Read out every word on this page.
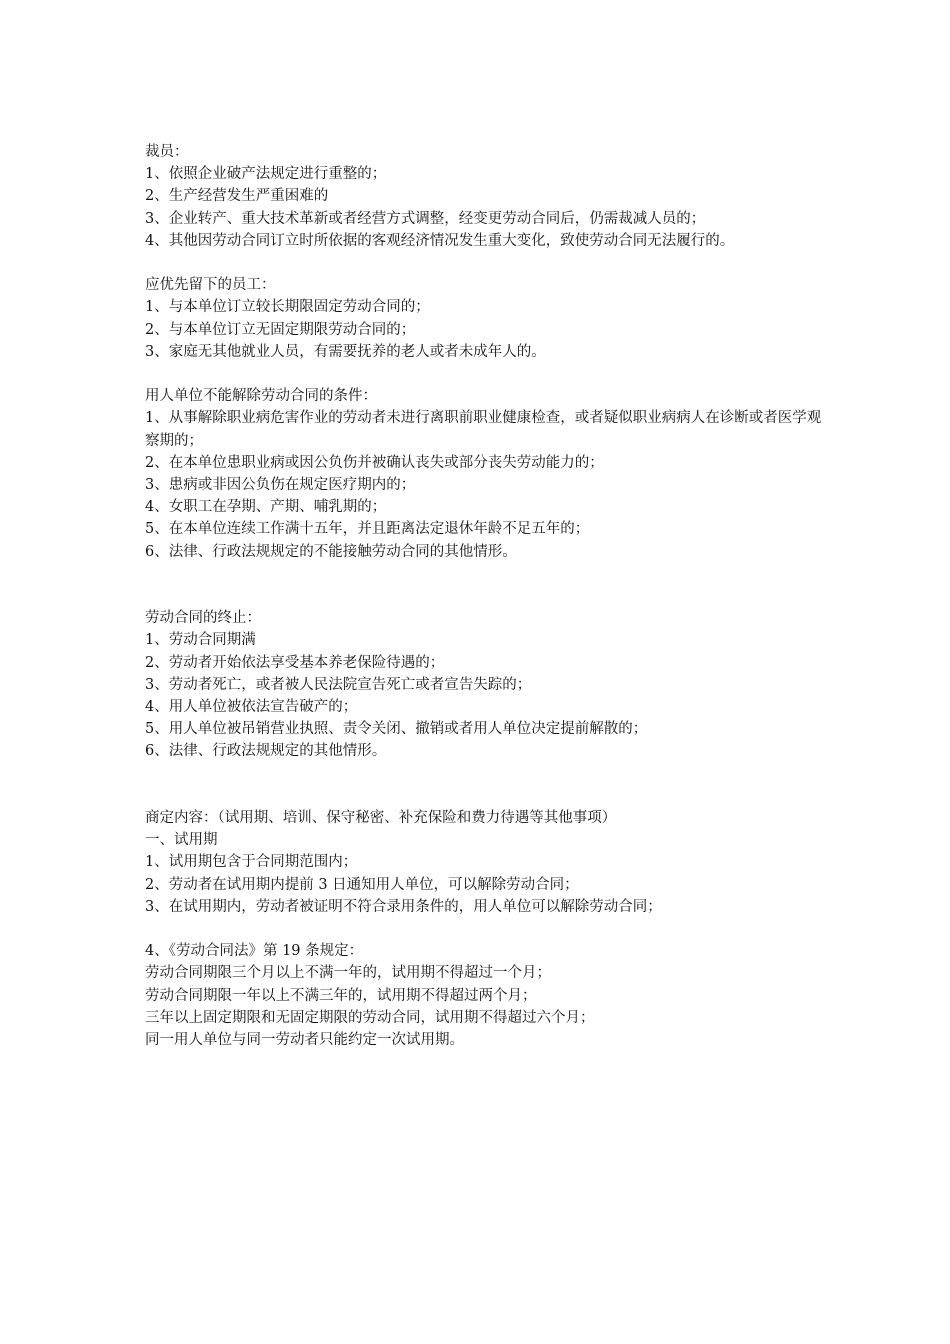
裁员：

1、依照企业破产法规定进行重整的；

2、生产经营发生严重困难的

3、企业转产、重大技术革新或者经营方式调整，经变更劳动合同后，仍需裁减人员的；

4、其他因劳动合同订立时所依据的客观经济情况发生重大变化，致使劳动合同无法履行的。

应优先留下的员工：

1、与本单位订立较长期限固定劳动合同的；

2、与本单位订立无固定期限劳动合同的；

3、家庭无其他就业人员，有需要抚养的老人或者未成年人的。

用人单位不能解除劳动合同的条件：

1、从事解除职业病危害作业的劳动者未进行离职前职业健康检查，或者疑似职业病病人在诊断或者医学观察期的；

2、在本单位患职业病或因公负伤并被确认丧失或部分丧失劳动能力的；

3、患病或非因公负伤在规定医疗期内的；

4、女职工在孕期、产期、哺乳期的；

5、在本单位连续工作满十五年，并且距离法定退休年龄不足五年的；

6、法律、行政法规规定的不能接触劳动合同的其他情形。

劳动合同的终止：

1、劳动合同期满

2、劳动者开始依法享受基本养老保险待遇的；

3、劳动者死亡，或者被人民法院宣告死亡或者宣告失踪的；

4、用人单位被依法宣告破产的；

5、用人单位被吊销营业执照、责令关闭、撤销或者用人单位决定提前解散的；

6、法律、行政法规规定的其他情形。

商定内容：（试用期、培训、保守秘密、补充保险和费力待遇等其他事项）

一、试用期

1、试用期包含于合同期范围内；

2、劳动者在试用期内提前 3 日通知用人单位，可以解除劳动合同；

3、在试用期内，劳动者被证明不符合录用条件的，用人单位可以解除劳动合同；

4、《劳动合同法》第 19 条规定：

劳动合同期限三个月以上不满一年的，试用期不得超过一个月；

劳动合同期限一年以上不满三年的，试用期不得超过两个月；

三年以上固定期限和无固定期限的劳动合同，试用期不得超过六个月；

同一用人单位与同一劳动者只能约定一次试用期。
